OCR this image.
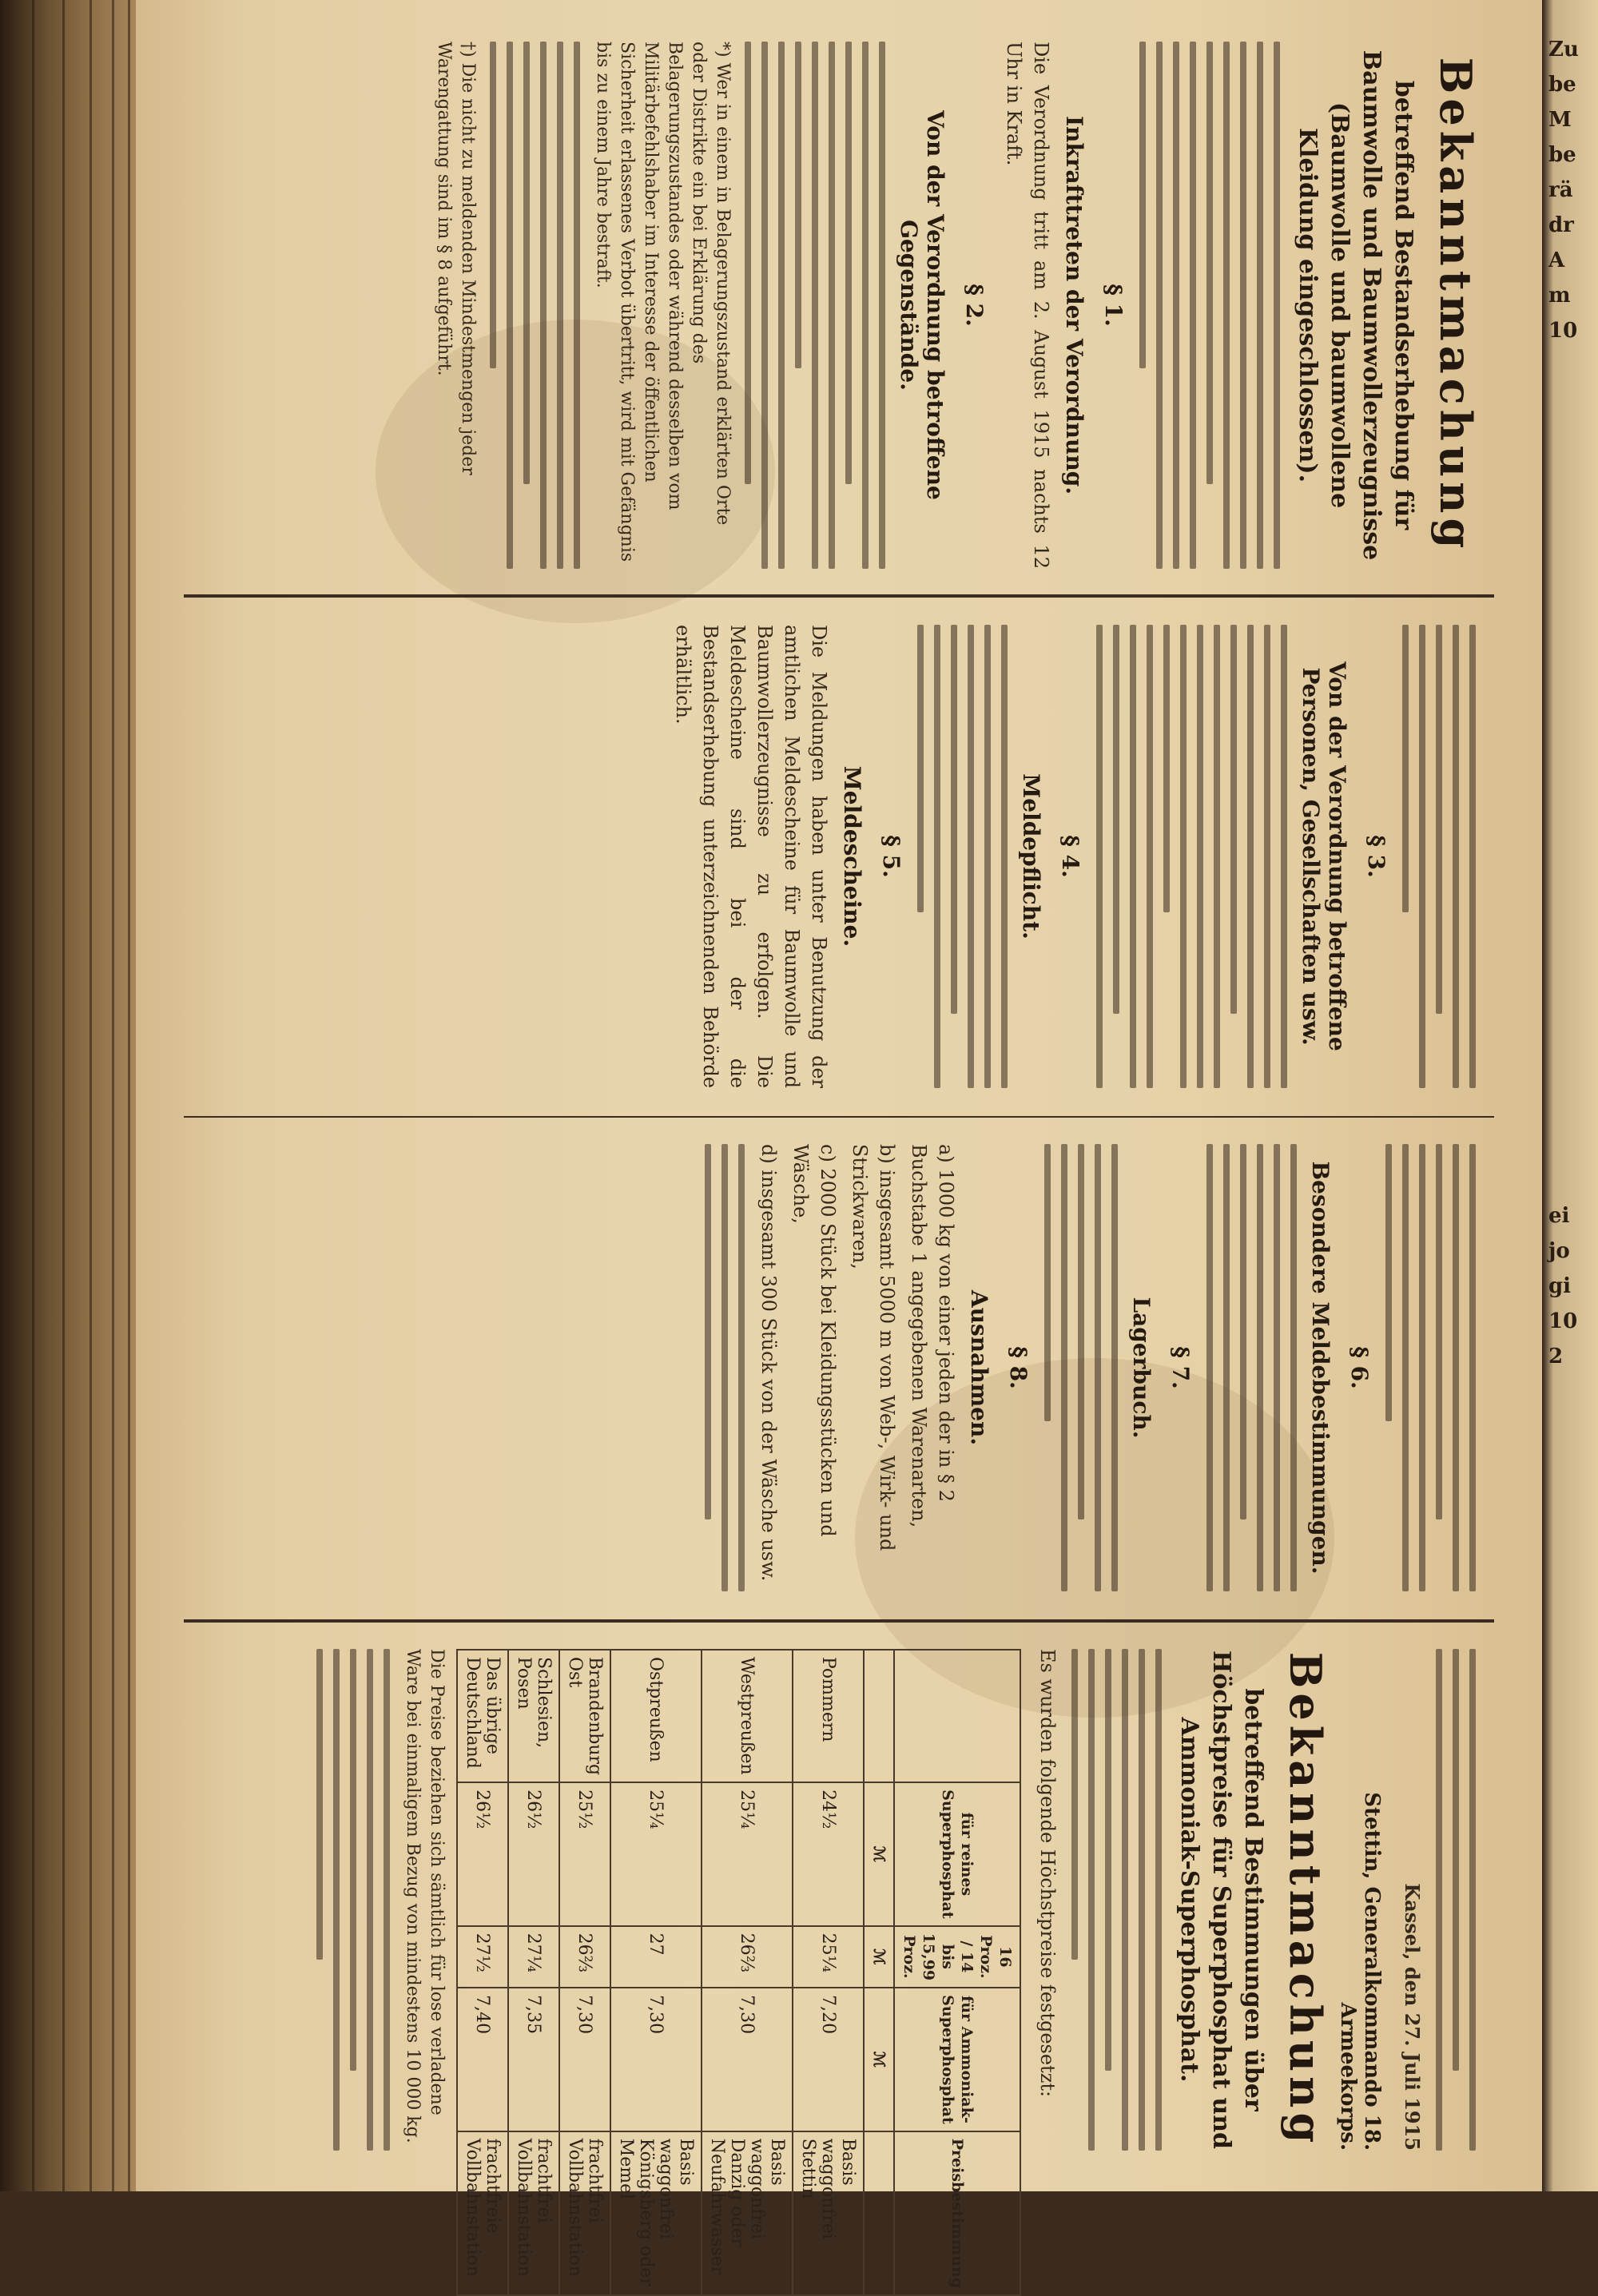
Bekanntmachung
betreffend Bestandserhebung für Baumwolle und Baumwollerzeugnisse (Baumwolle und baumwollene Kleidung eingeschlossen).
§ 1.
Inkrafttreten der Verordnung.
Die Verordnung tritt am 2. August 1915 nachts 12 Uhr in Kraft.
§ 2.
Von der Verordnung betroffene Gegenstände.
*) Wer in einem in Belagerungszustand erklärten Orte oder Distrikte ein bei Erklärung des Belagerungszustandes oder während desselben vom Militärbefehlshaber im Interesse der öffentlichen Sicherheit erlassenes Verbot übertritt, wird mit Gefängnis bis zu einem Jahre bestraft.
†) Die nicht zu meldenden Mindestmengen jeder Warengattung sind im § 8 aufgeführt.
§ 3.
Von der Verordnung betroffene Personen, Gesellschaften usw.
§ 4.
Meldepflicht.
§ 5.
Meldescheine.
Die Meldungen haben unter Benutzung der amtlichen Meldescheine für Baumwolle und Baumwollerzeugnisse zu erfolgen. Die Meldescheine sind bei der die Bestandserhebung unterzeichnenden Behörde erhältlich.
§ 6.
Besondere Meldebestimmungen.
§ 7.
Lagerbuch.
§ 8.
Ausnahmen.
a) 1000 kg von einer jeden der in § 2 Buchstabe 1 angegebenen Warenarten,
b) insgesamt 5000 m von Web-, Wirk- und Strickwaren,
c) 2000 Stück bei Kleidungsstücken und Wäsche,
d) insgesamt 300 Stück von der Wäsche usw.
Kassel, den 27. Juli 1915
Stettin, Generalkommando 18. Armeekorps.
Bekanntmachung
betreffend Bestimmungen über Höchstpreise für Superphosphat und Ammoniak-Superphosphat.
Es wurden folgende Höchstpreise festgesetzt:
	für reines Superphosphat	16 Proz. / 14 bis 15,99 Proz.	für Ammoniak-Superphosphat	Preisbestimmung
	ℳ	ℳ	ℳ	
Pommern	24½	25¼	7,20	Basis waggonfrei Stettin
Westpreußen	25¼	26⅔	7,30	Basis waggonfrei Danzig oder Neufahrwasser
Ostpreußen	25¼	27	7,30	Basis waggonfrei Königsberg oder Memel
Brandenburg Ost	25½	26⅔	7,30	frachtfrei Vollbahnstation
Schlesien, Posen	26½	27¼	7,35	frachtfrei Vollbahnstation
Das übrige Deutschland	26½	27½	7,40	frachtfreie Vollbahnstation
Die Preise beziehen sich sämtlich für lose verladene Ware bei einmaligem Bezug von mindestens 10 000 kg.
Zu
be
M
be
rä
dr
A
m
10
ei
jo
gi
10
2
